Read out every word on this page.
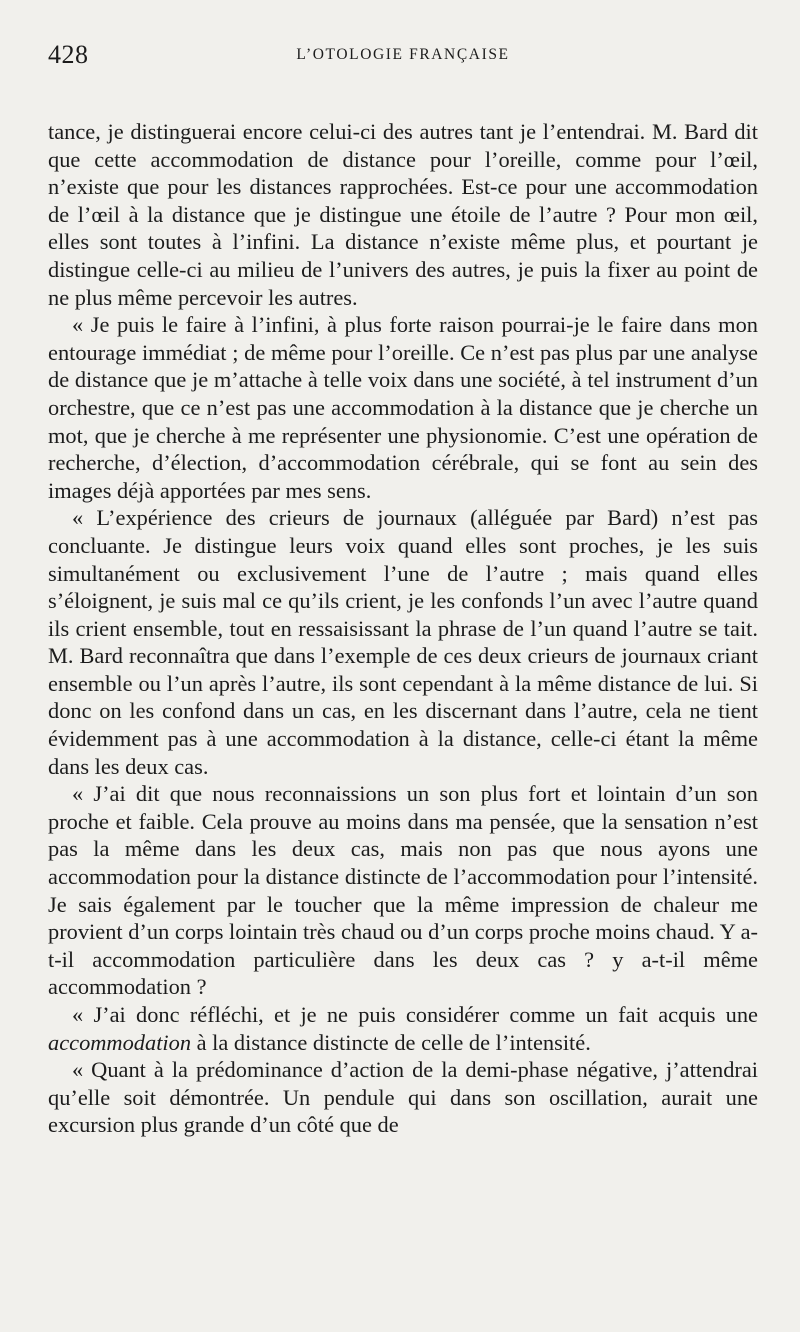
428	L’OTOLOGIE FRANÇAISE

tance, je distinguerai encore celui-ci des autres tant je l’entendrai. M. Bard dit que cette accommodation de distance pour l’oreille, comme pour l’œil, n’existe que pour les distances rapprochées. Est-ce pour une accommodation de l’œil à la distance que je distingue une étoile de l’autre ? Pour mon œil, elles sont toutes à l’infini. La distance n’existe même plus, et pourtant je distingue celle-ci au milieu de l’univers des autres, je puis la fixer au point de ne plus même percevoir les autres.

« Je puis le faire à l’infini, à plus forte raison pourrai-je le faire dans mon entourage immédiat ; de même pour l’oreille. Ce n’est pas plus par une analyse de distance que je m’attache à telle voix dans une société, à tel instrument d’un orchestre, que ce n’est pas une accommodation à la distance que je cherche un mot, que je cherche à me représenter une physionomie. C’est une opération de recherche, d’élection, d’accommodation cérébrale, qui se font au sein des images déjà apportées par mes sens.

« L’expérience des crieurs de journaux (alléguée par Bard) n’est pas concluante. Je distingue leurs voix quand elles sont proches, je les suis simultanément ou exclusivement l’une de l’autre ; mais quand elles s’éloignent, je suis mal ce qu’ils crient, je les confonds l’un avec l’autre quand ils crient ensemble, tout en ressaisissant la phrase de l’un quand l’autre se tait. M. Bard reconnaîtra que dans l’exemple de ces deux crieurs de journaux criant ensemble ou l’un après l’autre, ils sont cependant à la même distance de lui. Si donc on les confond dans un cas, en les discernant dans l’autre, cela ne tient évidemment pas à une accommodation à la distance, celle-ci étant la même dans les deux cas.

« J’ai dit que nous reconnaissions un son plus fort et lointain d’un son proche et faible. Cela prouve au moins dans ma pensée, que la sensation n’est pas la même dans les deux cas, mais non pas que nous ayons une accommodation pour la distance distincte de l’accommodation pour l’intensité. Je sais également par le toucher que la même impression de chaleur me provient d’un corps lointain très chaud ou d’un corps proche moins chaud. Y a-t-il accommodation particulière dans les deux cas ? y a-t-il même accommodation ?

« J’ai donc réfléchi, et je ne puis considérer comme un fait acquis une accommodation à la distance distincte de celle de l’intensité.

« Quant à la prédominance d’action de la demi-phase négative, j’attendrai qu’elle soit démontrée. Un pendule qui dans son oscillation, aurait une excursion plus grande d’un côté que de
